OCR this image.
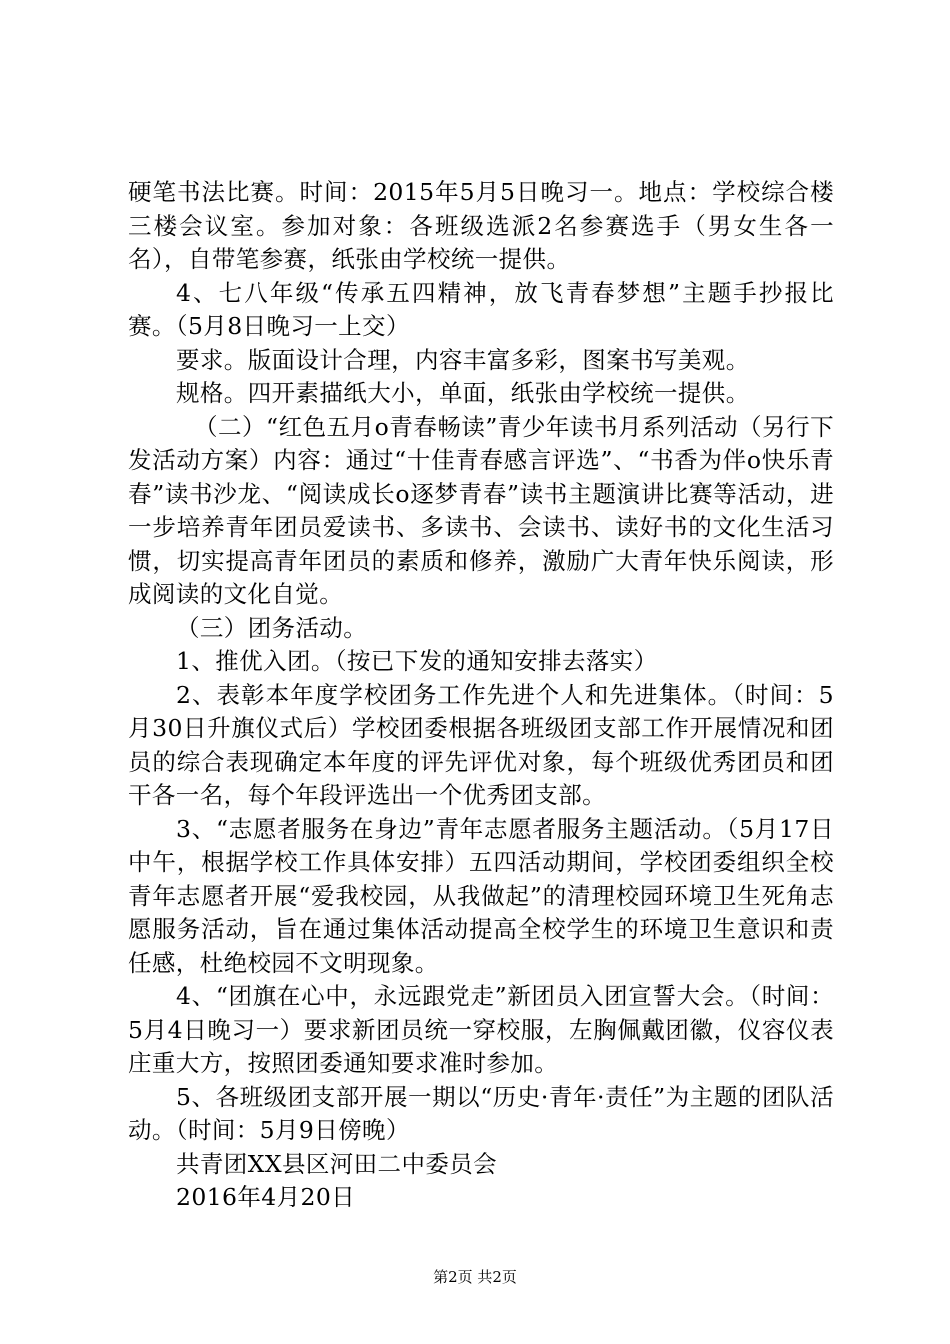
硬笔书法比赛。时间：2015年5月5日晚习一。地点：学校综合楼三楼会议室。参加对象：各班级选派2名参赛选手（男女生各一名），自带笔参赛，纸张由学校统一提供。

4、七八年级“传承五四精神，放飞青春梦想”主题手抄报比赛。（5月8日晚习一上交）

要求。版面设计合理，内容丰富多彩，图案书写美观。

规格。四开素描纸大小，单面，纸张由学校统一提供。

（二）“红色五月ο青春畅读”青少年读书月系列活动（另行下发活动方案）内容：通过“十佳青春感言评选”、“书香为伴ο快乐青春”读书沙龙、“阅读成长ο逐梦青春”读书主题演讲比赛等活动，进一步培养青年团员爱读书、多读书、会读书、读好书的文化生活习惯，切实提高青年团员的素质和修养，激励广大青年快乐阅读，形成阅读的文化自觉。

（三）团务活动。

1、推优入团。（按已下发的通知安排去落实）

2、表彰本年度学校团务工作先进个人和先进集体。（时间：5月30日升旗仪式后）学校团委根据各班级团支部工作开展情况和团员的综合表现确定本年度的评先评优对象，每个班级优秀团员和团干各一名，每个年段评选出一个优秀团支部。

3、“志愿者服务在身边”青年志愿者服务主题活动。（5月17日中午，根据学校工作具体安排）五四活动期间，学校团委组织全校青年志愿者开展“爱我校园，从我做起”的清理校园环境卫生死角志愿服务活动，旨在通过集体活动提高全校学生的环境卫生意识和责任感，杜绝校园不文明现象。

4、“团旗在心中，永远跟党走”新团员入团宣誓大会。（时间：5月4日晚习一）要求新团员统一穿校服，左胸佩戴团徽，仪容仪表庄重大方，按照团委通知要求准时参加。

5、各班级团支部开展一期以“历史·青年·责任”为主题的团队活动。（时间：5月9日傍晚）

共青团XX县区河田二中委员会

2016年4月20日

第2页 共2页
